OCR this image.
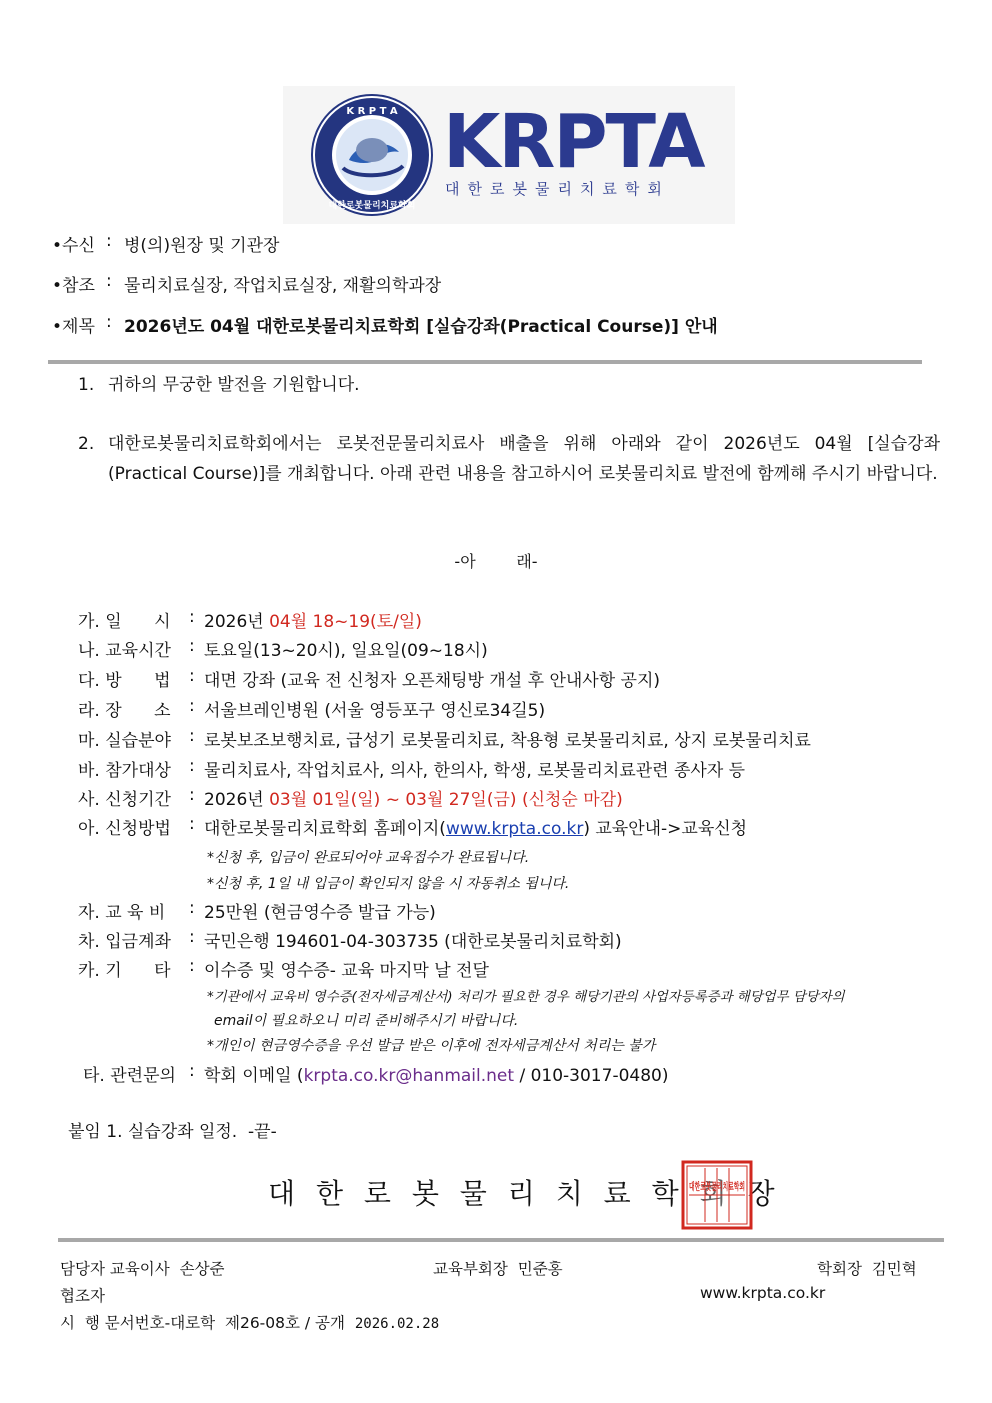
K R P T A
대한로봇물리치료학회
KRPTA
대한로봇물리치료학회
•수신 : 병(의)원장 및 기관장
•참조 : 물리치료실장, 작업치료실장, 재활의학과장
•제목 : 2026년도 04월 대한로봇물리치료학회 [실습강좌(Practical Course)] 안내
1. 귀하의 무궁한 발전을 기원합니다.
2. 대한로봇물리치료학회에서는 로봇전문물리치료사 배출을 위해 아래와 같이 2026년도 04월 [실습강좌(Practical Course)]를 개최합니다. 아래 관련 내용을 참고하시어 로봇물리치료 발전에 함께해 주시기 바랍니다.
-아        래-
가. 일      시 : 2026년 04월 18~19(토/일)
나. 교육시간 : 토요일(13~20시), 일요일(09~18시)
다. 방      법 : 대면 강좌 (교육 전 신청자 오픈채팅방 개설 후 안내사항 공지)
라. 장      소 : 서울브레인병원 (서울 영등포구 영신로34길5)
마. 실습분야 : 로봇보조보행치료, 급성기 로봇물리치료, 착용형 로봇물리치료, 상지 로봇물리치료
바. 참가대상 : 물리치료사, 작업치료사, 의사, 한의사, 학생, 로봇물리치료관련 종사자 등
사. 신청기간 : 2026년 03월 01일(일) ~ 03월 27일(금) (신청순 마감)
아. 신청방법 : 대한로봇물리치료학회 홈페이지(www.krpta.co.kr) 교육안내->교육신청
*신청 후, 입금이 완료되어야 교육접수가 완료됩니다.
*신청 후, 1일 내 입금이 확인되지 않을 시 자동취소 됩니다.
자. 교 육 비 : 25만원 (현금영수증 발급 가능)
차. 입금계좌 : 국민은행 194601-04-303735 (대한로봇물리치료학회)
카. 기      타 : 이수증 및 영수증- 교육 마지막 날 전달
*기관에서 교육비 영수증(전자세금계산서) 처리가 필요한 경우 해당기관의 사업자등록증과 해당업무 담당자의
email이 필요하오니 미리 준비해주시기 바랍니다.
*개인이 현금영수증을 우선 발급 받은 이후에 전자세금계산서 처리는 불가
타. 관련문의 : 학회 이메일 (krpta.co.kr@hanmail.net / 010-3017-0480)
붙임 1. 실습강좌 일정.  -끝-
대 한 로 봇 물 리 치 료 학 회 장
대한로봇물리
담당자 교육이사  손상준	교육부회장  민준홍	학회장  김민혁
협조자	www.krpta.co.kr
시  행 문서번호-대로학  제26-08호 / 공개  2026.02.28
